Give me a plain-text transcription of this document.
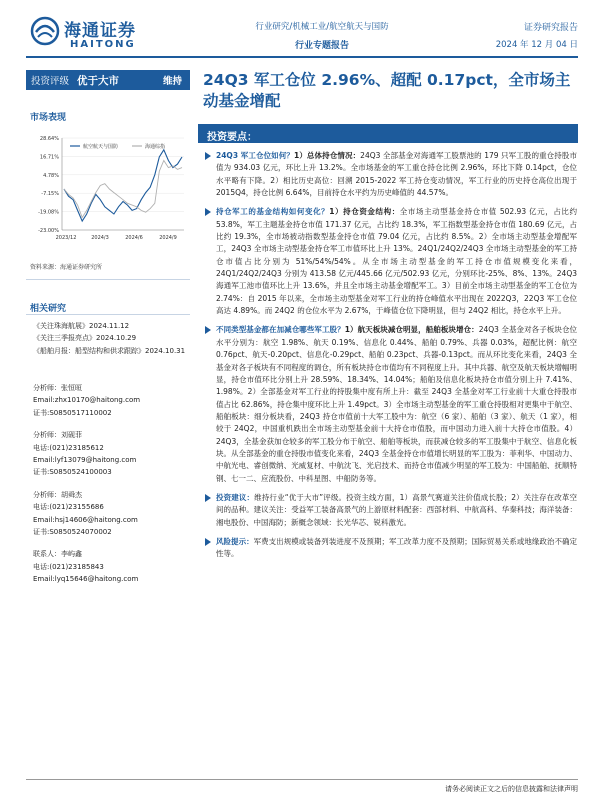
海通证券
HAITONG
行业研究/机械工业/航空航天与国防
行业专题报告
证券研究报告
2024 年 12 月 04 日
投资评级 优于大市	维持
市场表现
28.64%
16.71%
4.78%
-7.15%
-19.08%
-23.00%
2023/12	2024/3	2024/6	2024/9
航空航天与国防	海通综指
资料来源：海通证券研究所
相关研究
《关注珠海航展》2024.11.12
《关注三季报亮点》2024.10.29
《船舶月报：船型结构和供求跟踪》2024.10.31
分析师：张恒晅
Email:zhx10170@haitong.com
证书:S0850517110002
分析师：刘砚菲
电话:(021)23185612
Email:lyf13079@haitong.com
证书:S0850524100003
分析师：胡舜杰
电话:(021)23155686
Email:hsj14606@haitong.com
证书:S0850524070002
联系人：李屿鑫
电话:(021)23185843
Email:lyq15646@haitong.com
24Q3 军工仓位 2.96%、超配 0.17pct，全市场主动基金增配
投资要点：
24Q3 军工仓位如何？1）总体持仓情况：24Q3 全部基金对海通军工股票池的 179 只军工股的重仓持股市值为 934.03 亿元，环比上升 13.2%。全市场基金的军工重仓持仓比例 2.96%，环比下降 0.14pct，仓位水平略有下降。2）相比历史高位：回溯 2015-2022 军工持仓变动情况，军工行业的历史持仓高位出现于 2015Q4，持仓比例 6.64%，目前持仓水平约为历史峰值的 44.57%。
持仓军工的基金结构如何变化？1）持仓资金结构：全市场主动型基金持仓市值 502.93 亿元，占比约 53.8%，军工主题基金持仓市值 171.37 亿元，占比约 18.3%，军工指数型基金持仓市值 180.69 亿元，占比约 19.3%，全市场被动指数型基金持仓市值 79.04 亿元，占比约 8.5%。2）全市场主动型基金增配军工，24Q3 全市场主动型基金持仓军工市值环比上升 13%。24Q1/24Q2/24Q3 全市场主动型基金的军工持仓市值占比分别为 51%/54%/54%。从全市场主动型基金的军工持仓市值规模变化来看，24Q1/24Q2/24Q3 分别为 413.58 亿元/445.66 亿元/502.93 亿元，分别环比-25%、8%、13%。24Q3 海通军工池市值环比上升 13.6%，并且全市场主动基金增配军工。3）目前全市场主动型基金的军工仓位为 2.74%：自 2015 年以来，全市场主动型基金对军工行业的持仓峰值水平出现在 2022Q3，22Q3 军工仓位高达 4.89%。而 24Q2 的仓位水平为 2.67%，于峰值仓位下降明显，但与 24Q2 相比，持仓水平上升。
不同类型基金都在加减仓哪些军工股？1）航天板块减仓明显，船舶板块增仓：24Q3 全基金对各子板块仓位水平分别为：航空 1.98%、航天 0.19%、信息化 0.44%、船舶 0.79%、兵器 0.03%，超配比例：航空 0.76pct、航天-0.20pct、信息化-0.29pct、船舶 0.23pct、兵器-0.13pct。而从环比变化来看，24Q3 全基金对各子板块有不同程度的调仓，所有板块持仓市值均有不同程度上升。其中兵器、航空及航天板块增幅明显，持仓市值环比分别上升 28.59%、18.34%、14.04%；船舶及信息化板块持仓市值分别上升 7.41%、1.98%。2）全部基金对军工行业的持股集中度有所上升：截至 24Q3 全基金对军工行业前十大重仓持股市值占比 62.86%，持仓集中度环比上升 1.49pct。3）全市场主动型基金的军工重仓持股相对更集中于航空、船舶板块：细分板块看，24Q3 持仓市值前十大军工股中为：航空（6 家）、船舶（3 家）、航天（1 家），相较于 24Q2，中国重机跌出全市场主动型基金前十大持仓市值股，而中国动力进入前十大持仓市值股。4）24Q3，全基金获加仓较多的军工股分布于航空、船舶等板块，而获减仓较多的军工股集中于航空、信息化板块。从全部基金的重仓持股市值变化来看，24Q3 全基金持仓市值增长明显的军工股为：菲利华、中国动力、中航光电、睿创微纳、光威复材、中航沈飞、光启技术、而持仓市值减少明显的军工股为：中国船舶、抚顺特钢、七一二、应流股份、中科星图、中船防务等。
投资建议：维持行业“优于大市”评级。投资主线方面，1）高景气赛道关注价值成长股；2）关注存在改革空间的品种。建议关注：受益军工装备高景气的上游原材料配套：西部材料、中航高科、华秦科技；海洋装备：湘电股份、中国海防；新概念领域：长光华芯、锐科激光。
风险提示：军费支出规模或装备列装进度不及预期；军工改革力度不及预期；国际贸易关系或地缘政治不确定性等。
请务必阅读正文之后的信息披露和法律声明
